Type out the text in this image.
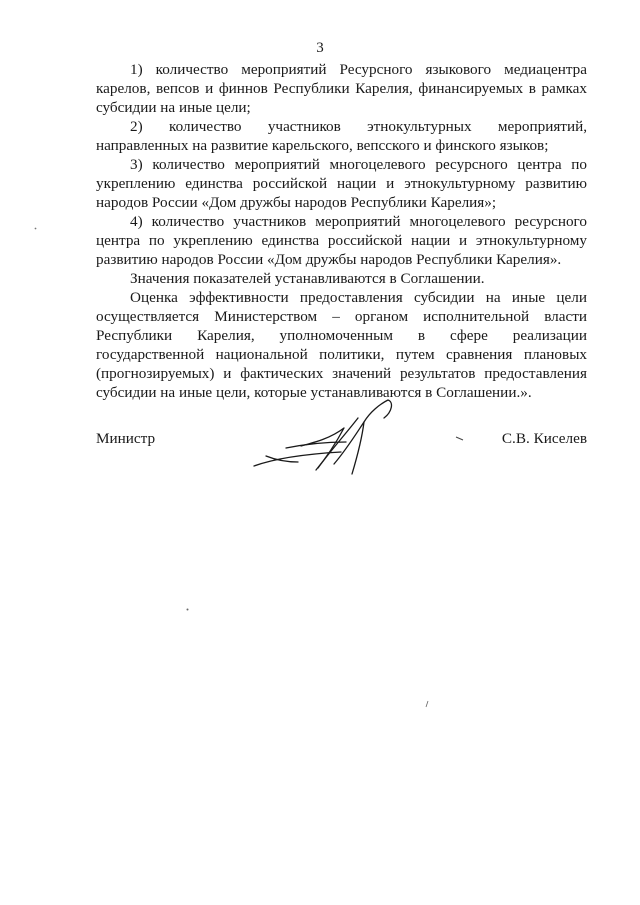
3

1) количество мероприятий Ресурсного языкового медиацентра карелов, вепсов и финнов Республики Карелия, финансируемых в рамках субсидии на иные цели;

2) количество участников этнокультурных мероприятий, направленных на развитие карельского, вепсского и финского языков;

3) количество мероприятий многоцелевого ресурсного центра по укреплению единства российской нации и этнокультурному развитию народов России «Дом дружбы народов Республики Карелия»;

4) количество участников мероприятий многоцелевого ресурсного центра по укреплению единства российской нации и этнокультурному развитию народов России «Дом дружбы народов Республики Карелия».

Значения показателей устанавливаются в Соглашении.

Оценка эффективности предоставления субсидии на иные цели осуществляется Министерством – органом исполнительной власти Республики Карелия, уполномоченным в сфере реализации государственной национальной политики, путем сравнения плановых (прогнозируемых) и фактических значений результатов предоставления субсидии на иные цели, которые устанавливаются в Соглашении.».

Министр	С.В. Киселев
